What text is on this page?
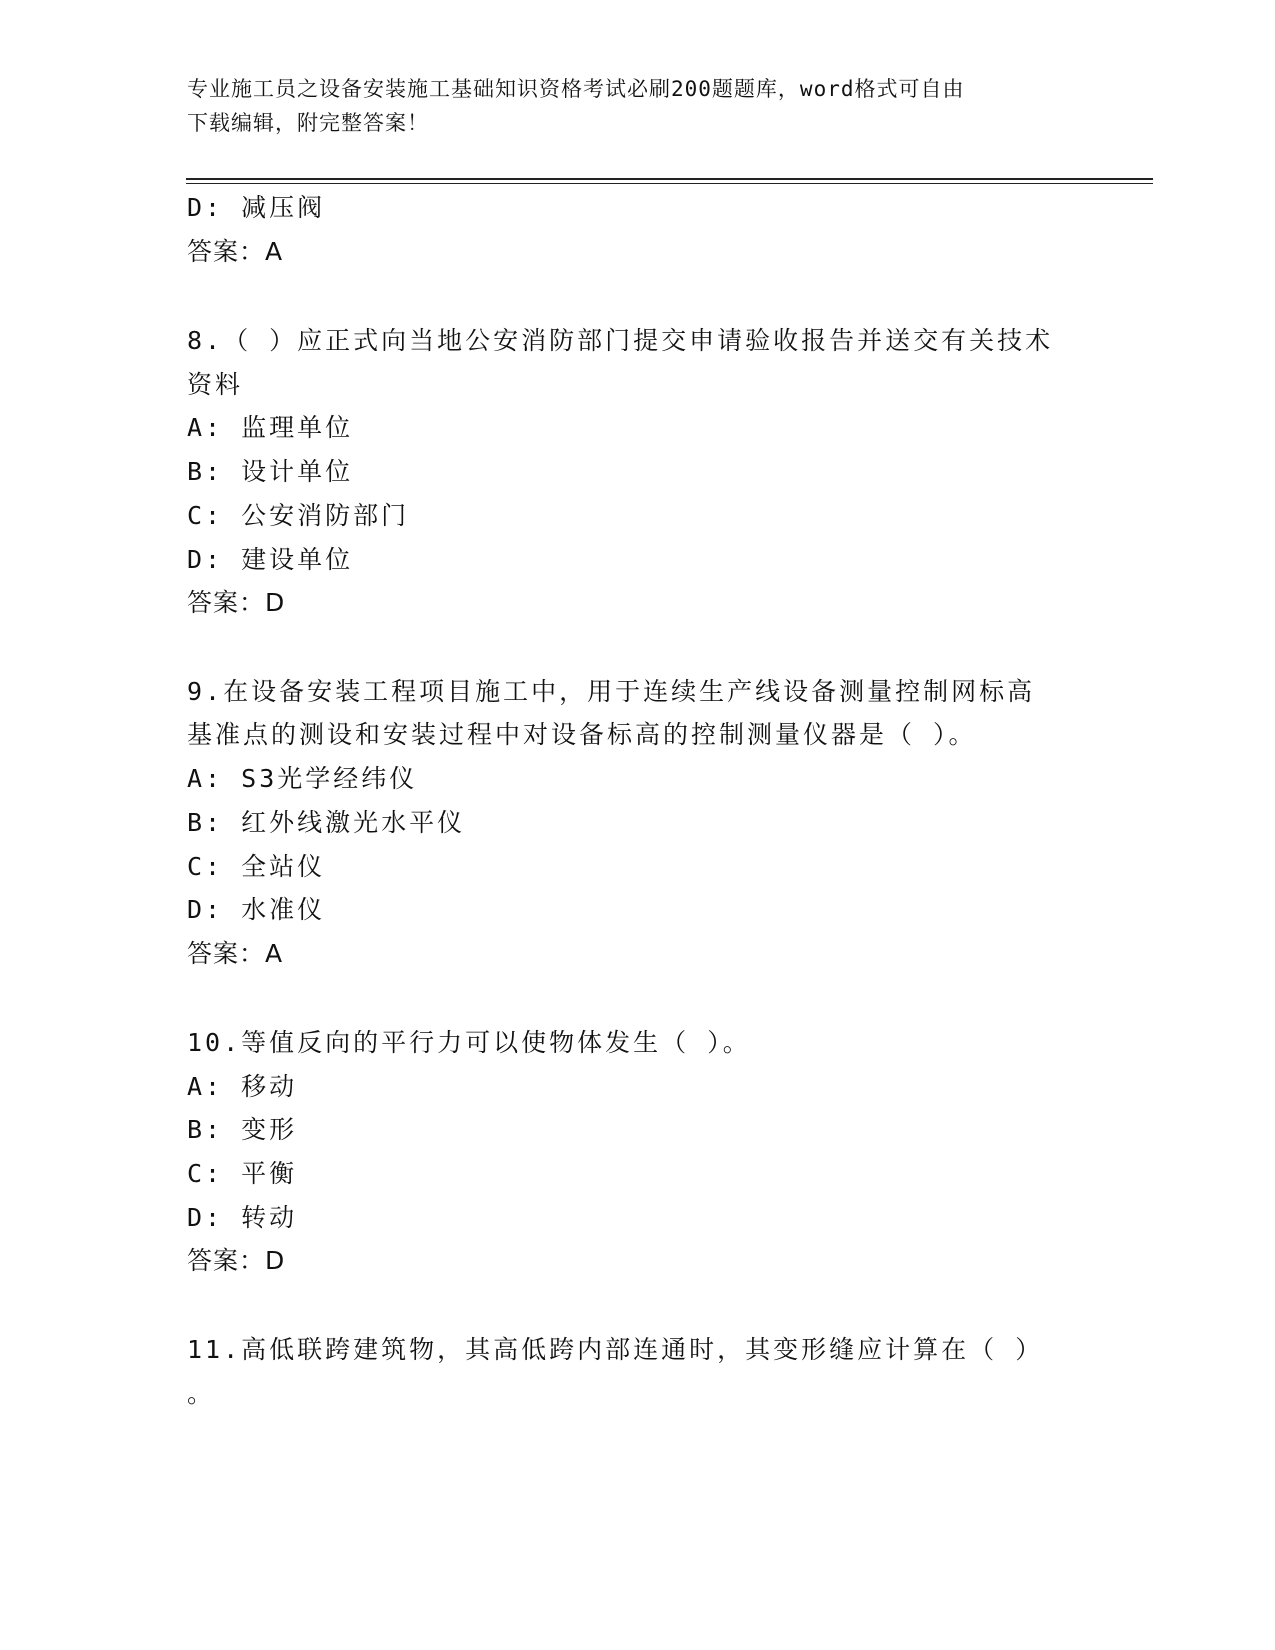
专业施工员之设备安装施工基础知识资格考试必刷200题题库，word格式可自由
下载编辑，附完整答案！
D: 减压阀
答案：A
8.（ ）应正式向当地公安消防部门提交申请验收报告并送交有关技术
资料
A: 监理单位
B: 设计单位
C: 公安消防部门
D: 建设单位
答案：D
9.在设备安装工程项目施工中，用于连续生产线设备测量控制网标高
基准点的测设和安装过程中对设备标高的控制测量仪器是（ ）。
A: S3光学经纬仪
B: 红外线激光水平仪
C: 全站仪
D: 水准仪
答案：A
10.等值反向的平行力可以使物体发生（ ）。
A: 移动
B: 变形
C: 平衡
D: 转动
答案：D
11.高低联跨建筑物，其高低跨内部连通时，其变形缝应计算在（ ）
。
